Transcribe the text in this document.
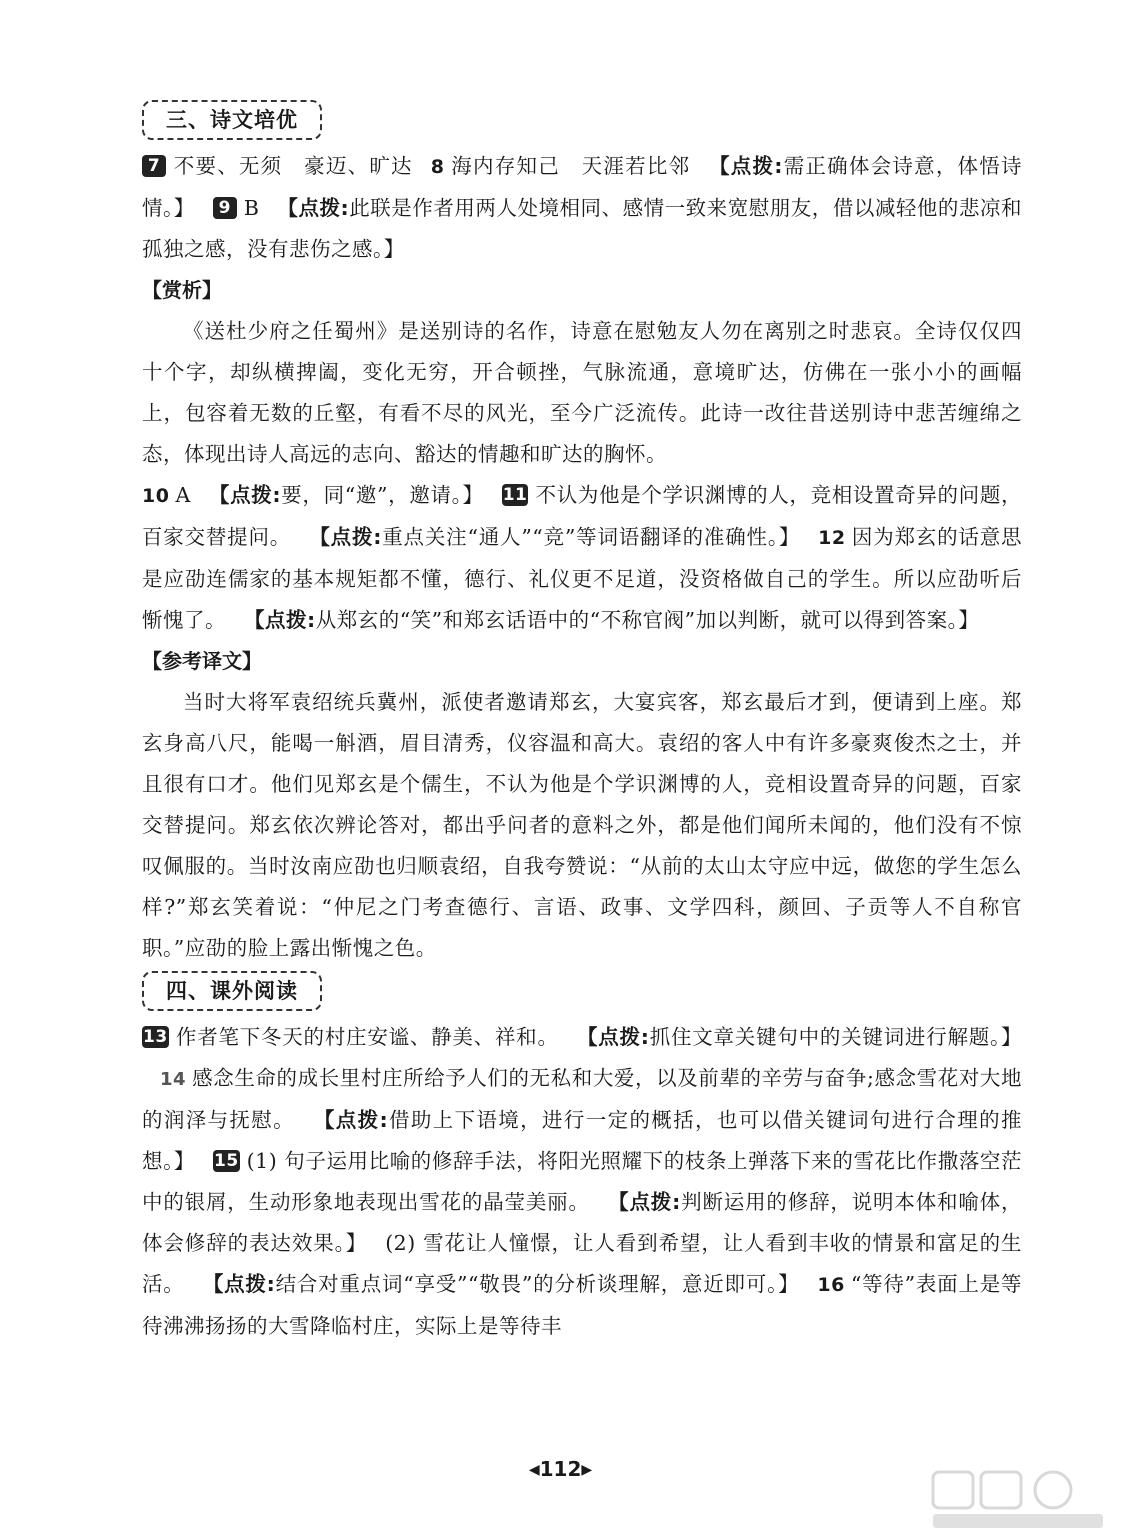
三、诗文培优

7 不要、无须　豪迈、旷达 8 海内存知己　天涯若比邻 【点拨:需正确体会诗意，体悟诗情。】 9 B 【点拨:此联是作者用两人处境相同、感情一致来宽慰朋友，借以减轻他的悲凉和孤独之感，没有悲伤之感。】

【赏析】

《送杜少府之任蜀州》是送别诗的名作，诗意在慰勉友人勿在离别之时悲哀。全诗仅仅四十个字，却纵横捭阖，变化无穷，开合顿挫，气脉流通，意境旷达，仿佛在一张小小的画幅上，包容着无数的丘壑，有看不尽的风光，至今广泛流传。此诗一改往昔送别诗中悲苦缠绵之态，体现出诗人高远的志向、豁达的情趣和旷达的胸怀。

10 A 【点拨:要，同“邀”，邀请。】 11 不认为他是个学识渊博的人，竞相设置奇异的问题，百家交替提问。 【点拨:重点关注“通人”“竞”等词语翻译的准确性。】 12 因为郑玄的话意思是应劭连儒家的基本规矩都不懂，德行、礼仪更不足道，没资格做自己的学生。所以应劭听后惭愧了。 【点拨:从郑玄的“笑”和郑玄话语中的“不称官阀”加以判断，就可以得到答案。】

【参考译文】

当时大将军袁绍统兵冀州，派使者邀请郑玄，大宴宾客，郑玄最后才到，便请到上座。郑玄身高八尺，能喝一斛酒，眉目清秀，仪容温和高大。袁绍的客人中有许多豪爽俊杰之士，并且很有口才。他们见郑玄是个儒生，不认为他是个学识渊博的人，竞相设置奇异的问题，百家交替提问。郑玄依次辨论答对，都出乎问者的意料之外，都是他们闻所未闻的，他们没有不惊叹佩服的。当时汝南应劭也归顺袁绍，自我夸赞说：“从前的太山太守应中远，做您的学生怎么样?”郑玄笑着说：“仲尼之门考查德行、言语、政事、文学四科，颜回、子贡等人不自称官职。”应劭的脸上露出惭愧之色。

四、课外阅读

13 作者笔下冬天的村庄安谧、静美、祥和。 【点拨:抓住文章关键句中的关键词进行解题。】14 感念生命的成长里村庄所给予人们的无私和大爱，以及前辈的辛劳与奋争;感念雪花对大地的润泽与抚慰。 【点拨:借助上下语境，进行一定的概括，也可以借关键词句进行合理的推想。】 15 (1) 句子运用比喻的修辞手法，将阳光照耀下的枝条上弹落下来的雪花比作撒落空茫中的银屑，生动形象地表现出雪花的晶莹美丽。 【点拨:判断运用的修辞，说明本体和喻体，体会修辞的表达效果。】 (2) 雪花让人憧憬，让人看到希望，让人看到丰收的情景和富足的生活。 【点拨:结合对重点词“享受”“敬畏”的分析谈理解，意近即可。】 16 “等待”表面上是等待沸沸扬扬的大雪降临村庄，实际上是等待丰

◀112▶
